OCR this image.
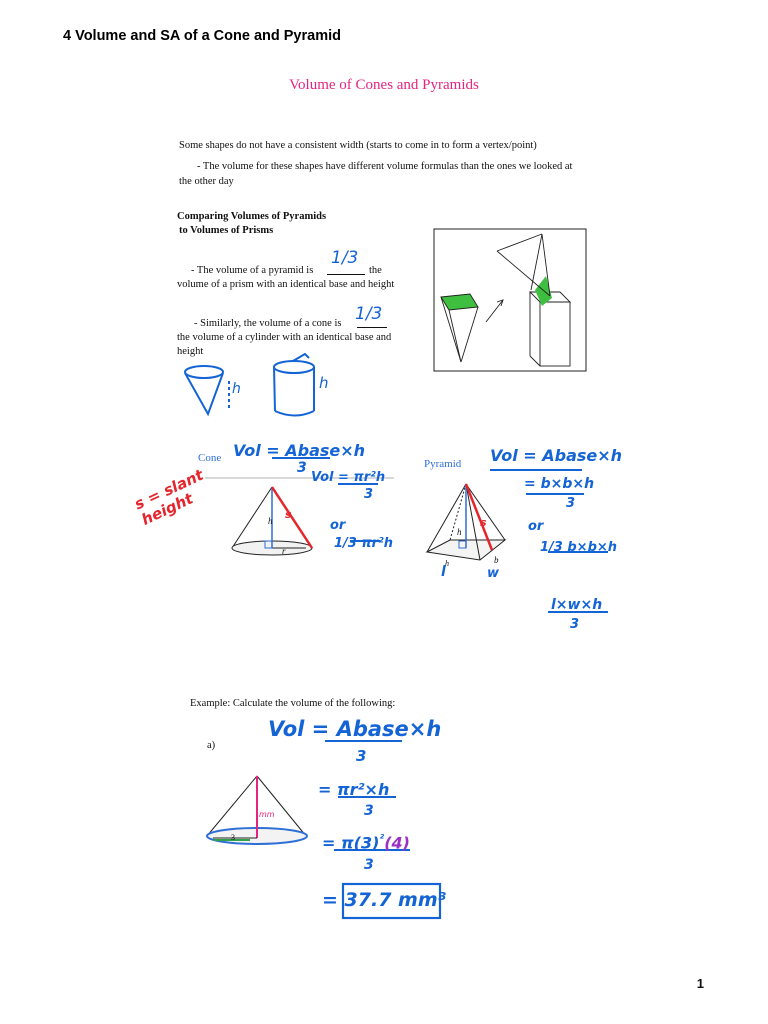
4 Volume and SA of a Cone and Pyramid
Volume of Cones and Pyramids
Some shapes do not have a consistent width (starts to come in to form a vertex/point)
- The volume for these shapes have different volume formulas than the ones we looked at
the other day
Comparing Volumes of Pyramids
to Volumes of Prisms
- The volume of a pyramid is	the
volume of a prism with an identical base and height
- Similarly, the volume of a cone is
the volume of a cylinder with an identical base and
height
1/3
1/3
h	h
Cone Vol = Abase×h
3
Vol = πr²h
3
or
1/3 πr²h
h
r
s
s = slant height
Pyramid Vol = Abase×h
= b×b×h
3
or
1/3 b×b×h
l×w×h
3
h
h	b
s
l	w
Example: Calculate the volume of the following:
a)
3
mm
Vol = Abase×h
3
= πr²×h
3
= $\pi(3)^{^2}(4)$
3
= 37.7 mm³
1
